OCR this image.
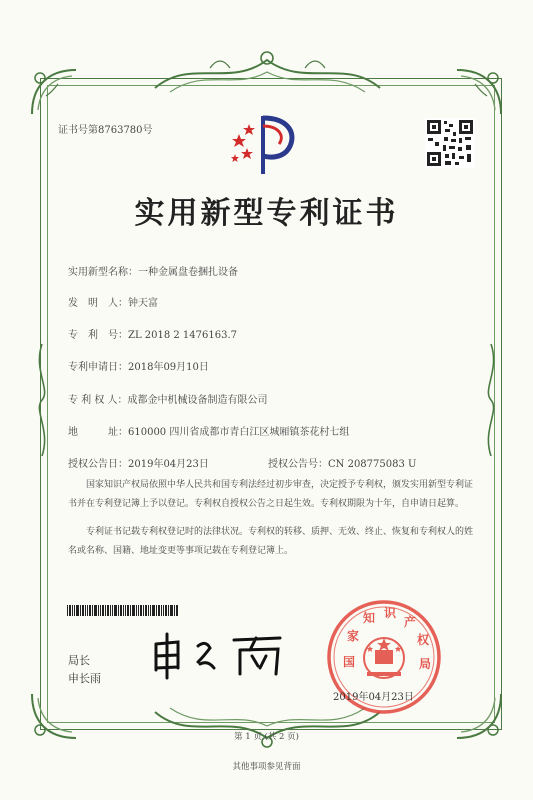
证书号第8763780号
实用新型专利证书
实用新型名称：一种金属盘卷捆扎设备
发　明　人：钟天富
专　利　号：ZL 2018 2 1476163.7
专利申请日：2018年09月10日
专 利 权 人：成都金中机械设备制造有限公司
地　　　址：610000 四川省成都市青白江区城厢镇茶花村七组
授权公告日：2019年04月23日	授权公告号：CN 208775083 U
国家知识产权局依照中华人民共和国专利法经过初步审查，决定授予专利权，颁发实用新型专利证书并在专利登记簿上予以登记。专利权自授权公告之日起生效。专利权期限为十年，自申请日起算。
专利证书记载专利权登记时的法律状况。专利权的转移、质押、无效、终止、恢复和专利权人的姓名或名称、国籍、地址变更等事项记载在专利登记簿上。
局长
申长雨
国
家
知 识
产
权
局
2019年04月23日
第 1 页 (共 2 页)
其他事项参见背面
